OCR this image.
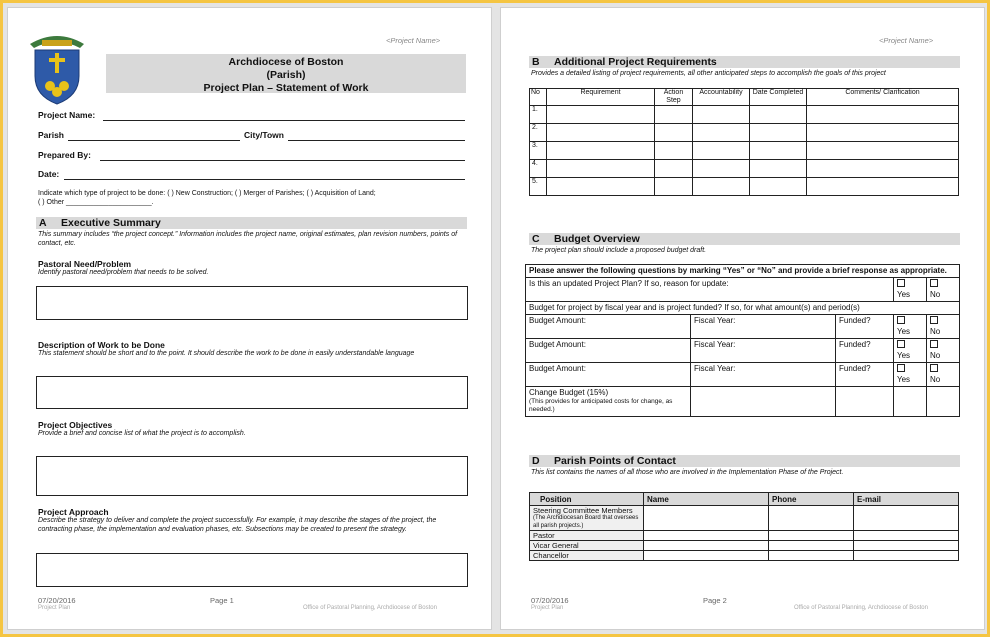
<Project Name>
Archdiocese of Boston
(Parish)
Project Plan – Statement of Work
Project Name:
Parish	City/Town
Prepared By:
Date:
Indicate which type of project to be done: ( ) New Construction; ( ) Merger of Parishes; ( ) Acquisition of Land;
( ) Other ______________________.
A Executive Summary
This summary includes “the project concept.” Information includes the project name, original estimates, plan revision numbers, points of contact, etc.
Pastoral Need/Problem
Identify pastoral need/problem that needs to be solved.
Description of Work to be Done
This statement should be short and to the point. It should describe the work to be done in easily understandable language
Project Objectives
Provide a brief and concise list of what the project is to accomplish.
Project Approach
Describe the strategy to deliver and complete the project successfully. For example, it may describe the stages of the project, the contracting phase, the implementation and evaluation phases, etc. Subsections may be created to present the strategy.
07/20/2016	Page 1
Project Plan	Office of Pastoral Planning, Archdiocese of Boston
<Project Name>
B Additional Project Requirements
Provides a detailed listing of project requirements, all other anticipated steps to accomplish the goals of this project
No	Requirement	Action Step	Accountability	Date Completed	Comments/ Clarification
1.					
2.					
3.					
4.					
5.					
C Budget Overview
The project plan should include a proposed budget draft.
Please answer the following questions by marking “Yes” or “No” and provide a brief response as appropriate.				
Is this an updated Project Plan? If so, reason for update:			Yes	No
Budget for project by fiscal year and is project funded? If so, for what amount(s) and period(s)				
Budget Amount:	Fiscal Year:	Funded?	Yes	No
Budget Amount:	Fiscal Year:	Funded?	Yes	No
Budget Amount:	Fiscal Year:	Funded?	Yes	No

Change Budget (15%)
(This provides for anticipated costs for change, as needed.)				

D Parish Points of Contact
This list contains the names of all those who are involved in the Implementation Phase of the Project.
Position	Name	Phone	E-mail

Steering Committee Members
(The Archdiocesan Board that oversees all parish projects.)			

Pastor			
Vicar General			
Chancellor			
07/20/2016	Page 2
Project Plan	Office of Pastoral Planning, Archdiocese of Boston
